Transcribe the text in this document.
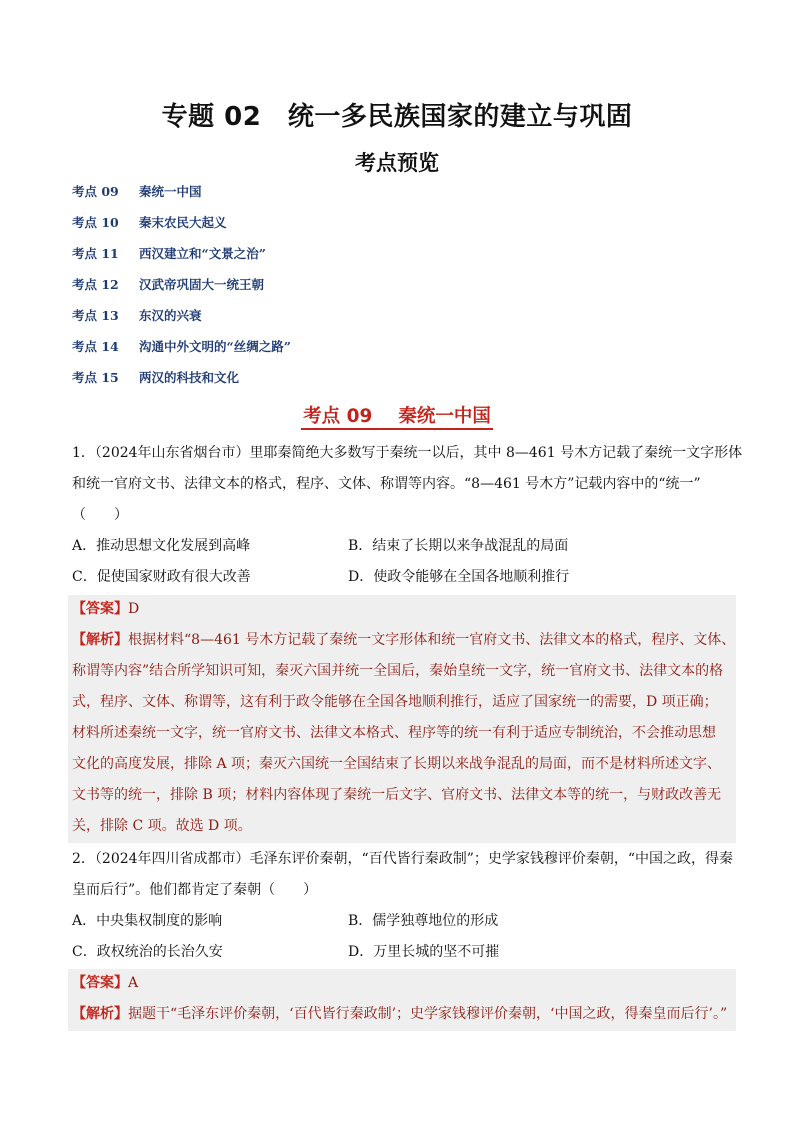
专题 02　统一多民族国家的建立与巩固
考点预览
考点 09 秦统一中国
考点 10 秦末农民大起义
考点 11 西汉建立和“文景之治”
考点 12 汉武帝巩固大一统王朝
考点 13 东汉的兴衰
考点 14 沟通中外文明的“丝绸之路”
考点 15 两汉的科技和文化
考点 09 秦统一中国
1．（2024年山东省烟台市）里耶秦简绝大多数写于秦统一以后，其中 8—461 号木方记载了秦统一文字形体
和统一官府文书、法律文本的格式，程序、文体、称谓等内容。“8—461 号木方”记载内容中的“统一”
（　　）
A．推动思想文化发展到高峰	B．结束了长期以来争战混乱的局面
C．促使国家财政有很大改善	D．使政令能够在全国各地顺利推行
【答案】D
【解析】根据材料“8—461 号木方记载了秦统一文字形体和统一官府文书、法律文本的格式，程序、文体、
称谓等内容”结合所学知识可知，秦灭六国并统一全国后，秦始皇统一文字，统一官府文书、法律文本的格
式，程序、文体、称谓等，这有利于政令能够在全国各地顺利推行，适应了国家统一的需要，D 项正确；
材料所述秦统一文字，统一官府文书、法律文本格式、程序等的统一有利于适应专制统治，不会推动思想
文化的高度发展，排除 A 项；秦灭六国统一全国结束了长期以来战争混乱的局面，而不是材料所述文字、
文书等的统一，排除 B 项；材料内容体现了秦统一后文字、官府文书、法律文本等的统一，与财政改善无
关，排除 C 项。故选 D 项。
2．（2024年四川省成都市）毛泽东评价秦朝，“百代皆行秦政制”；史学家钱穆评价秦朝，“中国之政，得秦
皇而后行”。他们都肯定了秦朝（　　）
A．中央集权制度的影响	B．儒学独尊地位的形成
C．政权统治的长治久安	D．万里长城的坚不可摧
【答案】A
【解析】据题干“毛泽东评价秦朝，‘百代皆行秦政制’；史学家钱穆评价秦朝，‘中国之政，得秦皇而后行’。”
